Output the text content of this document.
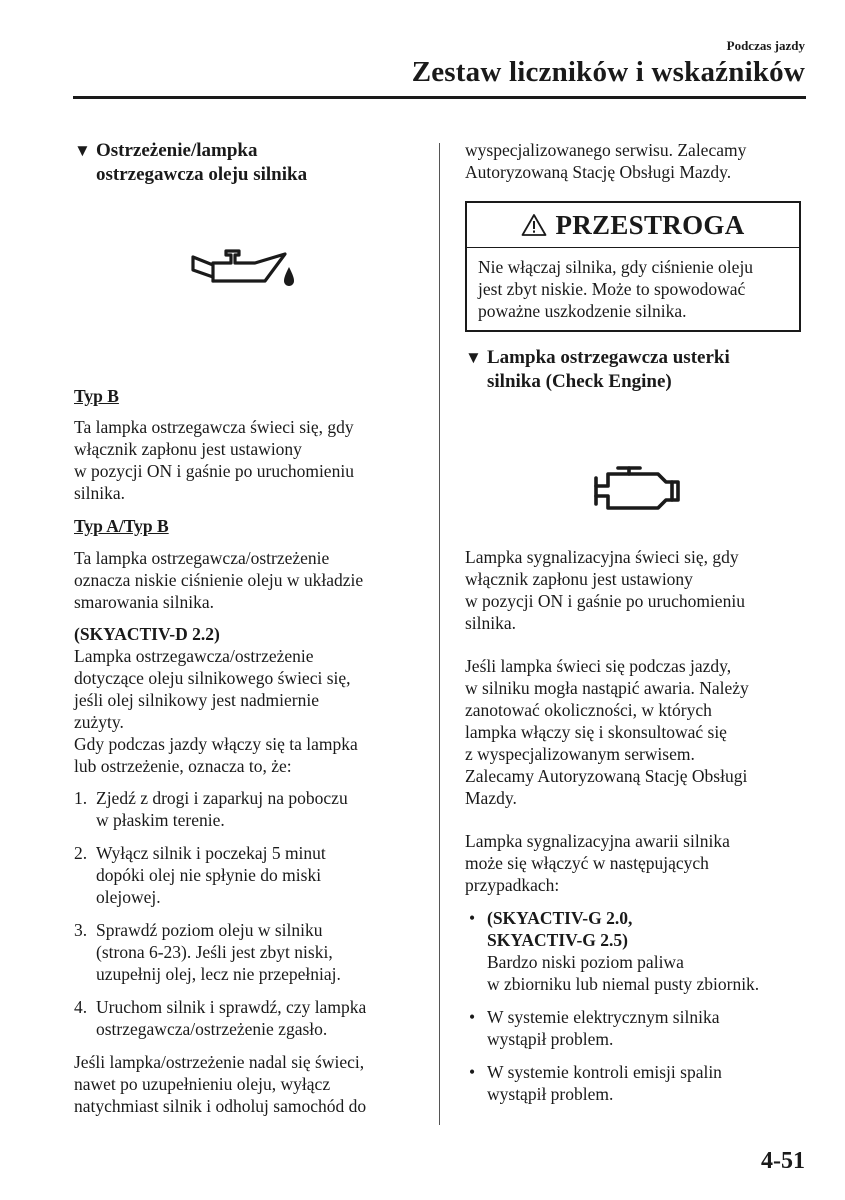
Podczas jazdy
Zestaw liczników i wskaźników
▼ Ostrzeżenie/lampka
ostrzegawcza oleju silnika

Typ B

Ta lampka ostrzegawcza świeci się, gdy
włącznik zapłonu jest ustawiony
w pozycji ON i gaśnie po uruchomieniu
silnika.

Typ A/Typ B

Ta lampka ostrzegawcza/ostrzeżenie
oznacza niskie ciśnienie oleju w układzie
smarowania silnika.

(SKYACTIV-D 2.2)

Lampka ostrzegawcza/ostrzeżenie
dotyczące oleju silnikowego świeci się,
jeśli olej silnikowy jest nadmiernie
zużyty.
Gdy podczas jazdy włączy się ta lampka
lub ostrzeżenie, oznacza to, że:

1. Zjedź z drogi i zaparkuj na poboczu
w płaskim terenie.
2. Wyłącz silnik i poczekaj 5 minut
dopóki olej nie spłynie do miski
olejowej.
3. Sprawdź poziom oleju w silniku
(strona 6-23). Jeśli jest zbyt niski,
uzupełnij olej, lecz nie przepełniaj.
4. Uruchom silnik i sprawdź, czy lampka
ostrzegawcza/ostrzeżenie zgasło.

Jeśli lampka/ostrzeżenie nadal się świeci,
nawet po uzupełnieniu oleju, wyłącz
natychmiast silnik i odholuj samochód do

wyspecjalizowanego serwisu. Zalecamy
Autoryzowaną Stację Obsługi Mazdy.

PRZESTROGA
Nie włączaj silnika, gdy ciśnienie oleju
jest zbyt niskie. Może to spowodować
poważne uszkodzenie silnika.
▼ Lampka ostrzegawcza usterki
silnika (Check Engine)

Lampka sygnalizacyjna świeci się, gdy
włącznik zapłonu jest ustawiony
w pozycji ON i gaśnie po uruchomieniu
silnika.

Jeśli lampka świeci się podczas jazdy,
w silniku mogła nastąpić awaria. Należy
zanotować okoliczności, w których
lampka włączy się i skonsultować się
z wyspecjalizowanym serwisem.
Zalecamy Autoryzowaną Stację Obsługi
Mazdy.

Lampka sygnalizacyjna awarii silnika
może się włączyć w następujących
przypadkach:

• (SKYACTIV-G 2.0,
SKYACTIV-G 2.5)
Bardzo niski poziom paliwa
w zbiorniku lub niemal pusty zbiornik.
• W systemie elektrycznym silnika
wystąpił problem.
• W systemie kontroli emisji spalin
wystąpił problem.
4-51
